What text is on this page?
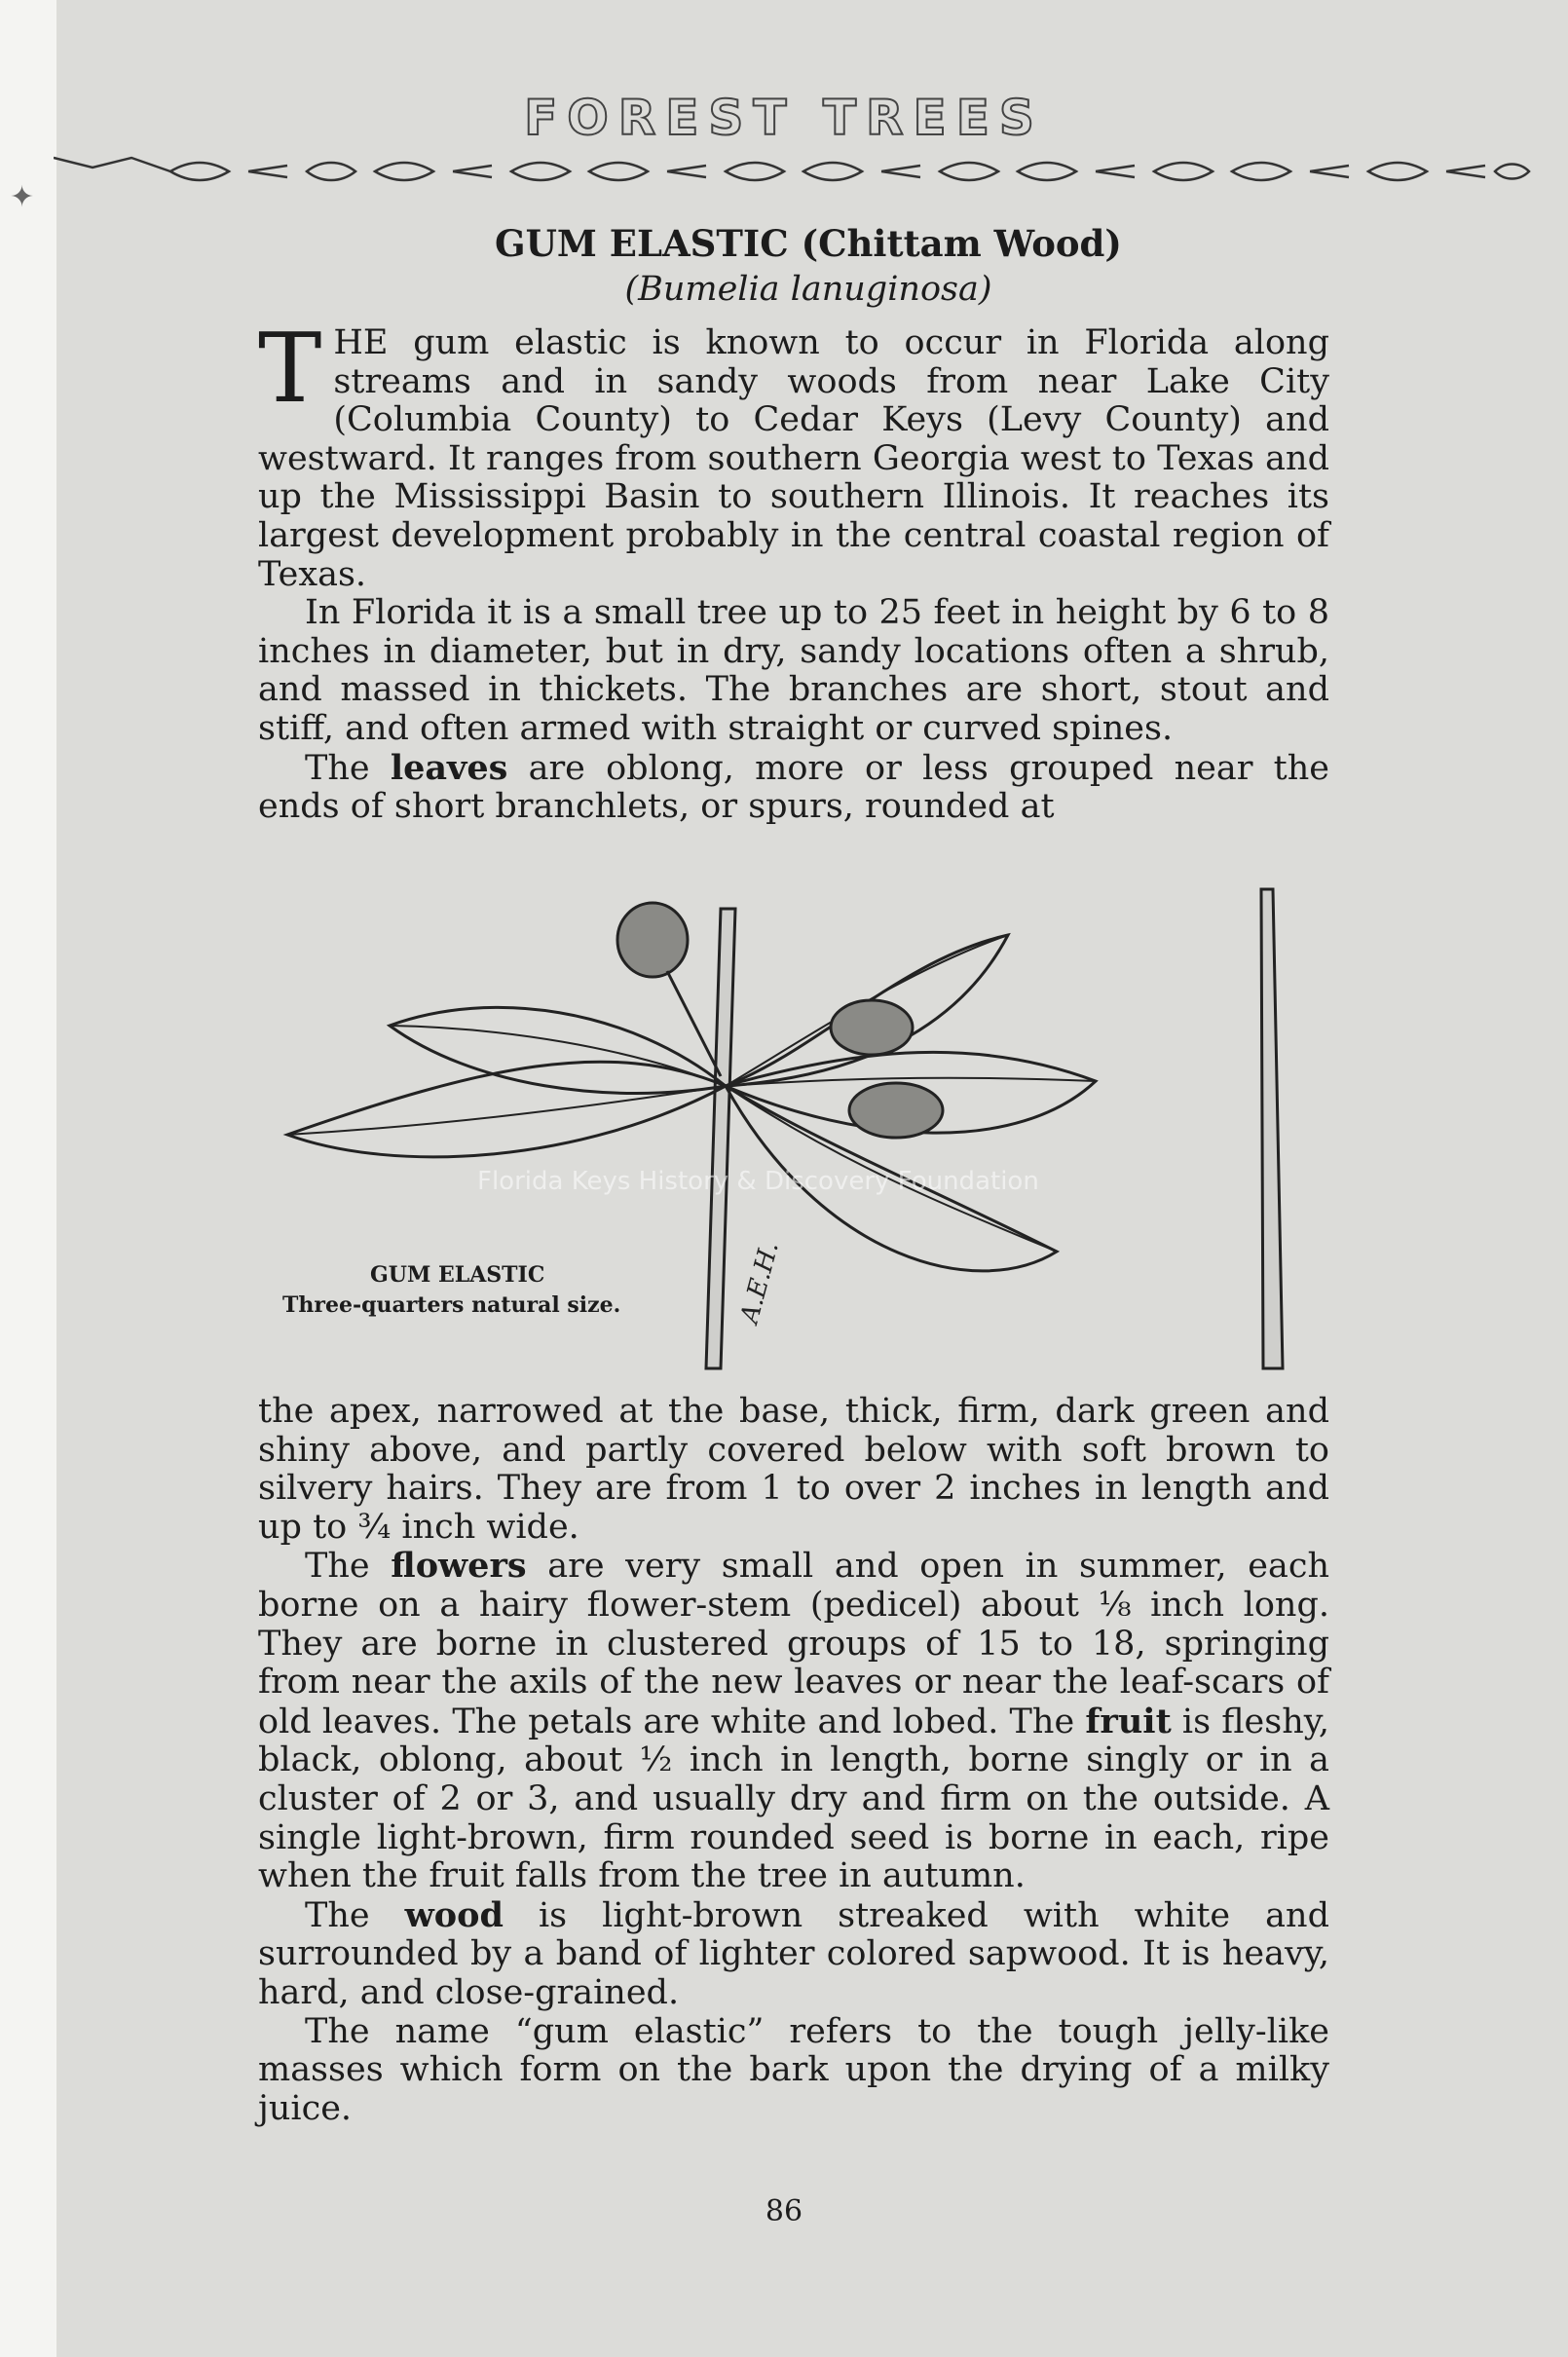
✦
FOREST TREES
GUM ELASTIC (Chittam Wood)
(Bumelia lanuginosa)

THE gum elastic is known to occur in Florida along streams and in sandy woods from near Lake City (Columbia County) to Cedar Keys (Levy County) and westward. It ranges from southern Georgia west to Texas and up the Mississippi Basin to southern Illinois. It reaches its largest development probably in the central coastal region of Texas.

In Florida it is a small tree up to 25 feet in height by 6 to 8 inches in diameter, but in dry, sandy locations often a shrub, and massed in thickets. The branches are short, stout and stiff, and often armed with straight or curved spines.

The leaves are oblong, more or less grouped near the ends of short branchlets, or spurs, rounded at

A.E.H.
Florida Keys History & Discovery Foundation
GUM ELASTIC
Three-quarters natural size.

the apex, narrowed at the base, thick, firm, dark green and shiny above, and partly covered below with soft brown to silvery hairs. They are from 1 to over 2 inches in length and up to ¾ inch wide.

The flowers are very small and open in summer, each borne on a hairy flower-stem (pedicel) about ⅛ inch long. They are borne in clustered groups of 15 to 18, springing from near the axils of the new leaves or near the leaf-scars of old leaves. The petals are white and lobed. The fruit is fleshy, black, oblong, about ½ inch in length, borne singly or in a cluster of 2 or 3, and usually dry and firm on the outside. A single light-brown, firm rounded seed is borne in each, ripe when the fruit falls from the tree in autumn.

The wood is light-brown streaked with white and surrounded by a band of lighter colored sapwood. It is heavy, hard, and close-grained.

The name “gum elastic” refers to the tough jelly-like masses which form on the bark upon the drying of a milky juice.

86
